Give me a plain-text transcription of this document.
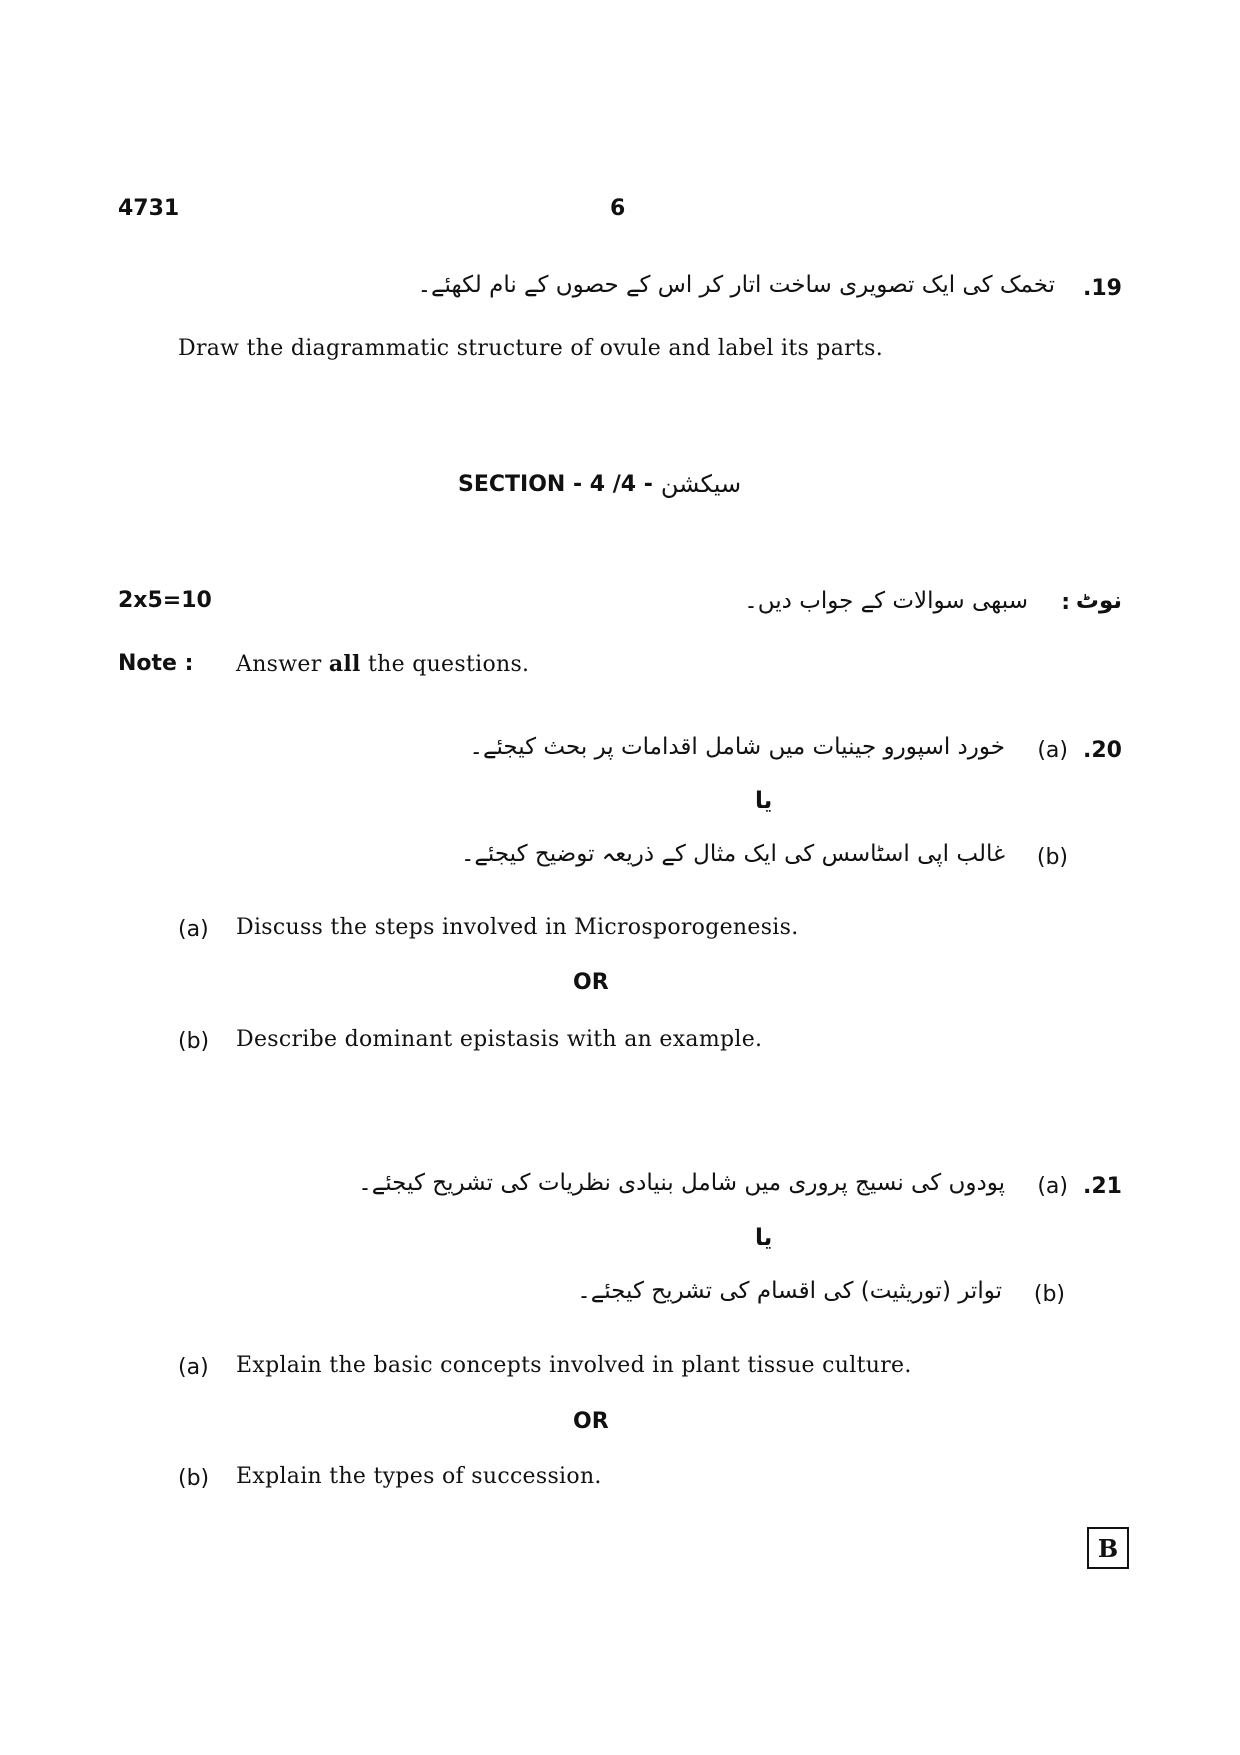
4731	6
.19
تخمک کی ایک تصویری ساخت اتار کر اس کے حصوں کے نام لکھئے۔
Draw the diagrammatic structure of ovule and label its parts.
SECTION - 4 /4 - سیکشن
2x5=10	نوٹ
:
سبھی سوالات کے جواب دیں۔
Note : Answer all the questions.
.20
(a)
خورد اسپورو جینیات میں شامل اقدامات پر بحث کیجئے۔
یا
(b)
غالب اپی اسٹاسس کی ایک مثال کے ذریعہ توضیح کیجئے۔
(a) Discuss the steps involved in Microsporogenesis.
OR
(b) Describe dominant epistasis with an example.
.21
(a)
پودوں کی نسیج پروری میں شامل بنیادی نظریات کی تشریح کیجئے۔
یا
(b)
تواتر (توریثیت) کی اقسام کی تشریح کیجئے۔
(a) Explain the basic concepts involved in plant tissue culture.
OR
(b) Explain the types of succession.
B
